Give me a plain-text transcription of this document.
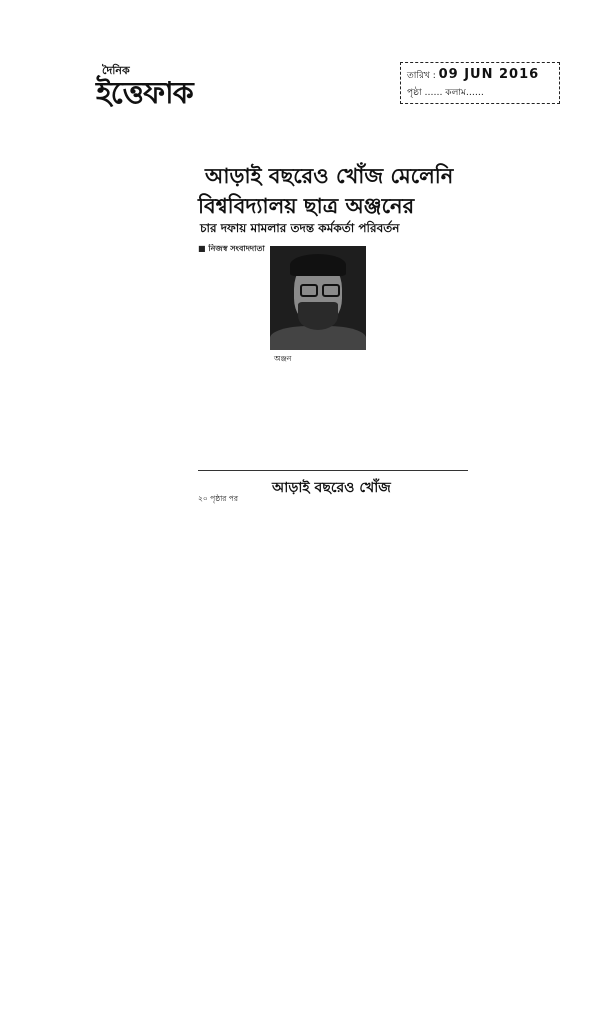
দৈনিক
ইত্তেফাক	তারিখ : 09 JUN 2016
পৃষ্ঠা …… কলাম……
আড়াই বছরেও খোঁজ মেলেনি
বিশ্ববিদ্যালয় ছাত্র অঞ্জনের
চার দফায় মামলার তদন্ত কর্মকর্তা পরিবর্তন
■ নিজস্ব সংবাদদাতা
অঞ্জন
আড়াই বছরেও খোঁজ
২০ পৃষ্ঠার পর
